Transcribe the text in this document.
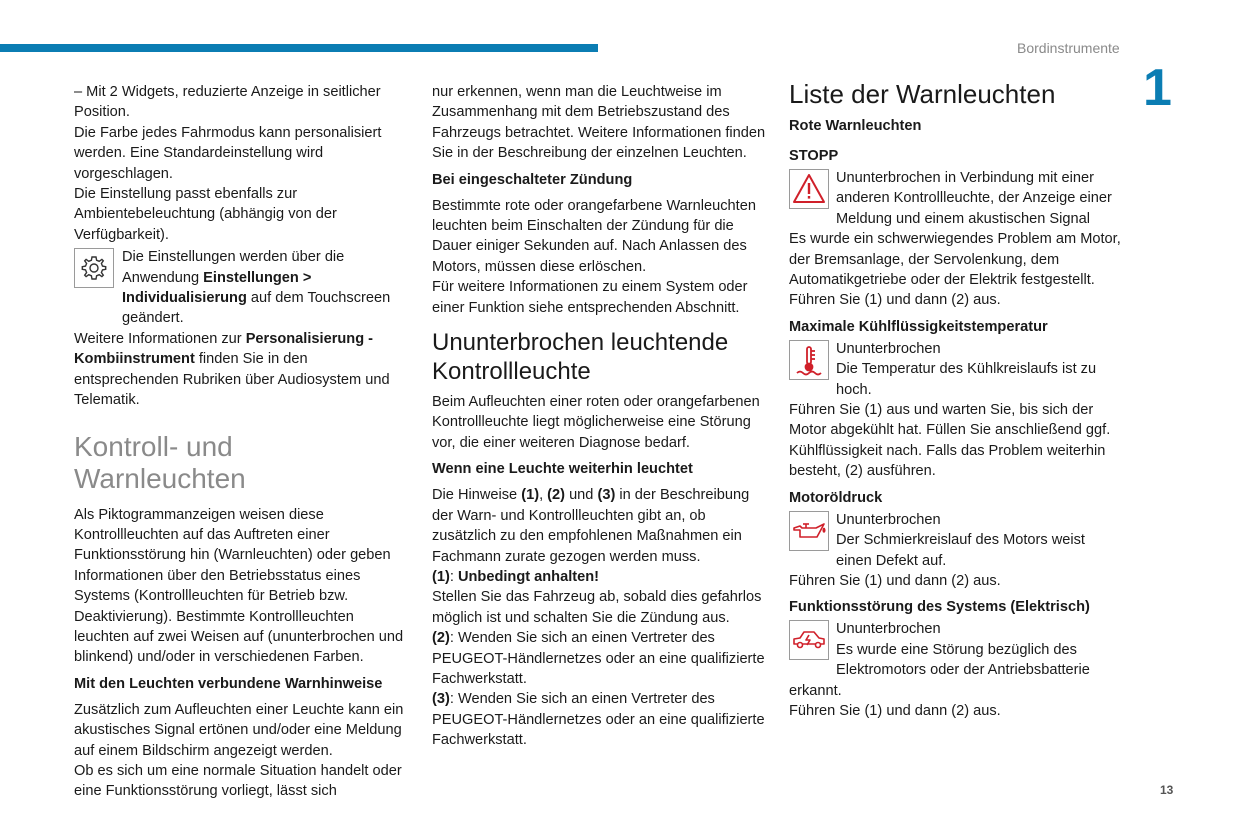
Bordinstrumente
1
13

– Mit 2 Widgets, reduzierte Anzeige in seitlicher Position.

Die Farbe jedes Fahrmodus kann personalisiert werden. Eine Standardeinstellung wird vorgeschlagen.

Die Einstellung passt ebenfalls zur Ambientebeleuchtung (abhängig von der Verfügbarkeit).

Die Einstellungen werden über die Anwendung Einstellungen > Individualisierung auf dem Touchscreen geändert.

Weitere Informationen zur Personalisierung - Kombiinstrument finden Sie in den entsprechenden Rubriken über Audiosystem und Telematik.

Kontroll- und Warnleuchten

Als Piktogrammanzeigen weisen diese Kontrollleuchten auf das Auftreten einer Funktionsstörung hin (Warnleuchten) oder geben Informationen über den Betriebsstatus eines Systems (Kontrollleuchten für Betrieb bzw. Deaktivierung). Bestimmte Kontrollleuchten leuchten auf zwei Weisen auf (ununterbrochen und blinkend) und/oder in verschiedenen Farben.

Mit den Leuchten verbundene Warnhinweise

Zusätzlich zum Aufleuchten einer Leuchte kann ein akustisches Signal ertönen und/oder eine Meldung auf einem Bildschirm angezeigt werden.

Ob es sich um eine normale Situation handelt oder eine Funktionsstörung vorliegt, lässt sich

nur erkennen, wenn man die Leuchtweise im Zusammenhang mit dem Betriebszustand des Fahrzeugs betrachtet. Weitere Informationen finden Sie in der Beschreibung der einzelnen Leuchten.

Bei eingeschalteter Zündung

Bestimmte rote oder orangefarbene Warnleuchten leuchten beim Einschalten der Zündung für die Dauer einiger Sekunden auf. Nach Anlassen des Motors, müssen diese erlöschen.

Für weitere Informationen zu einem System oder einer Funktion siehe entsprechenden Abschnitt.

Ununterbrochen leuchtende Kontrollleuchte

Beim Aufleuchten einer roten oder orangefarbenen Kontrollleuchte liegt möglicherweise eine Störung vor, die einer weiteren Diagnose bedarf.

Wenn eine Leuchte weiterhin leuchtet

Die Hinweise (1), (2) und (3) in der Beschreibung der Warn- und Kontrollleuchten gibt an, ob zusätzlich zu den empfohlenen Maßnahmen ein Fachmann zurate gezogen werden muss.

(1): Unbedingt anhalten!

Stellen Sie das Fahrzeug ab, sobald dies gefahrlos möglich ist und schalten Sie die Zündung aus.

(2): Wenden Sie sich an einen Vertreter des PEUGEOT-Händlernetzes oder an eine qualifizierte Fachwerkstatt.

(3): Wenden Sie sich an einen Vertreter des PEUGEOT-Händlernetzes oder an eine qualifizierte Fachwerkstatt.

Liste der Warnleuchten
Rote Warnleuchten
STOPP

Ununterbrochen in Verbindung mit einer anderen Kontrollleuchte, der Anzeige einer Meldung und einem akustischen Signal

Es wurde ein schwerwiegendes Problem am Motor, der Bremsanlage, der Servolenkung, dem Automatikgetriebe oder der Elektrik festgestellt.

Führen Sie (1) und dann (2) aus.

Maximale Kühlflüssigkeitstemperatur

Ununterbrochen

Die Temperatur des Kühlkreislaufs ist zu hoch.

Führen Sie (1) aus und warten Sie, bis sich der Motor abgekühlt hat. Füllen Sie anschließend ggf. Kühlflüssigkeit nach. Falls das Problem weiterhin besteht, (2) ausführen.

Motoröldruck

Ununterbrochen

Der Schmierkreislauf des Motors weist einen Defekt auf.

Führen Sie (1) und dann (2) aus.

Funktionsstörung des Systems (Elektrisch)

Ununterbrochen

Es wurde eine Störung bezüglich des Elektromotors oder der Antriebsbatterie erkannt.

Führen Sie (1) und dann (2) aus.
